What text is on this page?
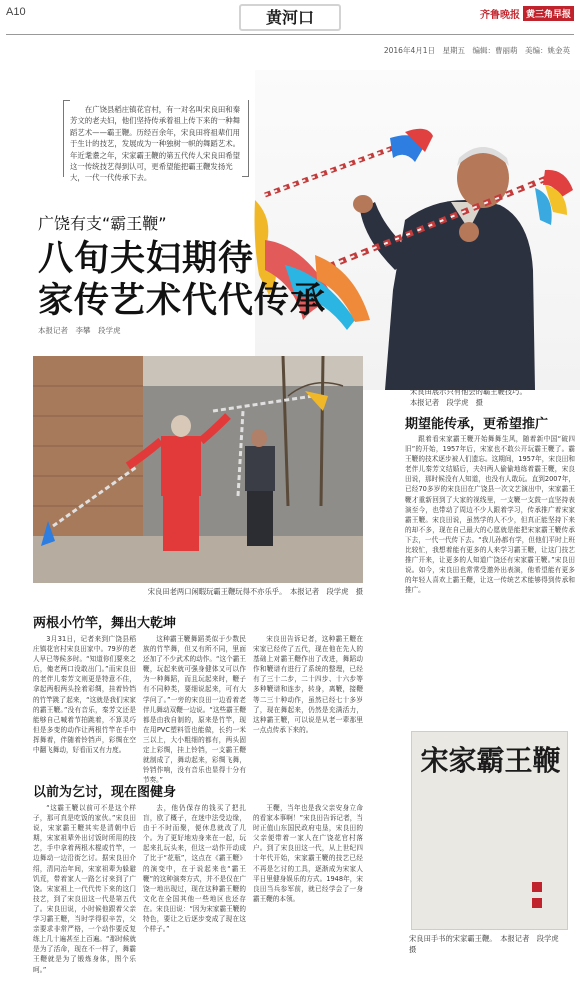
A10	黄河口	齐鲁晚报 黄三角早报
2016年4月1日　星期五　编辑：曹丽萌　美编：姚金英
在广饶县稻庄镇花官村，有一对名叫宋良田和秦芳文的老夫妇，他们坚持传承着祖上传下来的一种舞蹈艺术——霸王鞭。历经百余年，宋良田将祖辈们用于生计的技艺，发展成为一种独树一帜的舞蹈艺术。年近耄耋之年，宋家霸王鞭的第五代传人宋良田希望这一传统技艺得到认可，更希望能把霸王鞭发扬光大，一代一代传承下去。
广饶有支“霸王鞭”
八旬夫妇期待
家传艺术代代传承
本报记者　李攀　段学虎
宋良田展示只有他会的霸王鞭技巧。
本报记者　段学虎　摄
宋良田老两口闲暇玩霸王鞭玩得不亦乐乎。　本报记者　段学虎　摄
两根小竹竿，舞出大乾坤
3月31日，记者来到广饶县稻庄镇花官村宋良田家中。79岁的老人早已等候多时。“知道你们要来之后，俺老两口没敢出门。”而宋良田的老伴儿秦芳文则更是特意不住，拿起两根两头拴着彩绸，挂着铃铛的竹竿跳了起来，“这就是我们宋家的霸王鞭。”没有音乐，秦芳文还是能够自己喊着节拍跳着，不算灵巧但是多变的动作让两根竹竿在手中挥舞着，伴随着铃铛声，彩绸在空中翻飞舞动，好看而又有力度。
这种霸王鞭舞蹈类似于少数民族的竹竿舞，但又有所不同，里面还加了不少武术的动作。“这个霸王鞭，玩起来就可强身健体又可以作为一种舞蹈，而且玩起来时，鞭子有不同种类，要细说起来，可有大学问了。”一旁的宋良田一边看着老伴儿舞动双鞭一边说。“这些霸王鞭都是由我自制的，原来是竹竿，现在用PVC塑料管也能做，长约一米三以上，大小粗细的都有，两头固定上彩绸，挂上铃铛，一支霸王鞭就制成了，舞动起来，彩绸飞舞，铃铛作响，没有音乐也显得十分有节奏。”
宋良田告诉记者，这种霸王鞭在宋家已经传了五代，现在他在先人的基础上对霸王鞭作出了改进，舞蹈动作和鞭谱有进行了系统的整理，已经有了三十二步，二十四步、十六步等多种鞭谱和连步，转身，离鞭，接鞭等二三十种动作，虽然已经七十多岁了，现在舞起来，仍然是充满活力，这种霸王鞭，可以说是从老一辈那里一点点传承下来的。
以前为乞讨，现在图健身
“这霸王鞭以前可不是这个样子，那可真是吃饭的家伙。”宋良田说，宋家霸王鞭其实是清朝中后期，宋家祖辈外出讨饭时所用的技艺，手中拿着两根木棍或竹竿，一边舞动一边沿街乞讨。据宋良田介绍，清同治年间，宋家祖辈为躲避饥荒，带着家人一路乞讨来到了广饶。宋家祖上一代代传下来的这门技艺，到了宋良田这一代是第五代了。宋良田说，小时候他跟着父亲学习霸王鞭，当时学得很辛苦，父亲要求非常严格，一个动作要反复练上几十遍甚至上百遍。“那时候就是为了活命，现在不一样了，舞霸王鞭就是为了锻炼身体，图个乐呵。”
去，他仍保存的钱买了把扎盲，欧了概子，在迷中法受边缘，由于不时而聚，便休息就改了几个。为了更好地劝身来在一起，玩起来扎玩头来，但这一动作开动成了比于“花瓶”，这点在《霸王鞭》的演变中，在于说起来也“霸王鞭”的这种演奏方式，并不是仅在广饶一地出现过，现在这种霸王鞭的文化在全国其他一些地区也还存在。宋良田说：“因为宋家霸王鞭的特色，要让之后逐步变成了现在这个样子。”
王鞭，当年也是我父亲安身立命的看家本事啊！”宋良田告诉记者，当时正值山东国民政府屯垦，宋良田的父亲便带着一家人在广饶花官村落户。到了宋良田这一代，从上世纪四十年代开始，宋家霸王鞭的技艺已经不再是乞讨的工具，逐渐成为宋家人平日里健身娱乐的方式。1948年，宋良田当兵参军前，就已经学会了一身霸王鞭的本领。
期望能传承，更希望推广
跟着看宋家霸王鞭开始舞舞生风，随着新中国“破四旧”的开始，1957年后，宋家也不敢公开玩霸王鞭了。霸王鞭的技术逐步被人们遗忘。这期间，1957年，宋良田和老伴儿秦芳文结婚后，夫妇两人偷偷地练着霸王鞭，宋良田说，那时候没有人知道，也没有人敢玩。直到2007年，已经70多岁的宋良田在广饶县一次文艺演出中，宋家霸王鞭才重新回到了大家的视线里，一支鞭一支鼓一直坚持表演至今，也带动了周边不少人跟着学习，传承推广着宋家霸王鞭。宋良田说，虽然学的人不少，但真正能坚持下来的却不多，现在自己最大的心愿就是能把宋家霸王鞭传承下去，一代一代传下去。“我儿孙都有学，但他们平时上班比较忙，我想着能有更多的人来学习霸王鞭，让这门技艺推广开来，让更多的人知道广饶还有宋家霸王鞭。”宋良田说。如今，宋良田也常常受邀外出表演，他希望能有更多的年轻人喜欢上霸王鞭，让这一传统艺术能够得到传承和推广。
宋家霸王鞭
宋良田手书的宋家霸王鞭。　本报记者　段学虎　摄
